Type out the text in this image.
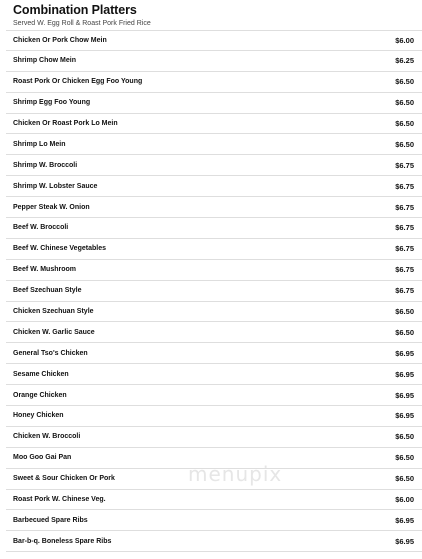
Combination Platters
Served W. Egg Roll & Roast Pork Fried Rice
Chicken Or Pork Chow Mein	$6.00
Shrimp Chow Mein	$6.25
Roast Pork Or Chicken Egg Foo Young	$6.50
Shrimp Egg Foo Young	$6.50
Chicken Or Roast Pork Lo Mein	$6.50
Shrimp Lo Mein	$6.50
Shrimp W. Broccoli	$6.75
Shrimp W. Lobster Sauce	$6.75
Pepper Steak W. Onion	$6.75
Beef W. Broccoli	$6.75
Beef W. Chinese Vegetables	$6.75
Beef W. Mushroom	$6.75
Beef Szechuan Style	$6.75
Chicken Szechuan Style	$6.50
Chicken W. Garlic Sauce	$6.50
General Tso's Chicken	$6.95
Sesame Chicken	$6.95
Orange Chicken	$6.95
Honey Chicken	$6.95
Chicken W. Broccoli	$6.50
Moo Goo Gai Pan	$6.50
Sweet & Sour Chicken Or Pork	$6.50
Roast Pork W. Chinese Veg.	$6.00
Barbecued Spare Ribs	$6.95
Bar-b-q. Boneless Spare Ribs	$6.95
menupix
